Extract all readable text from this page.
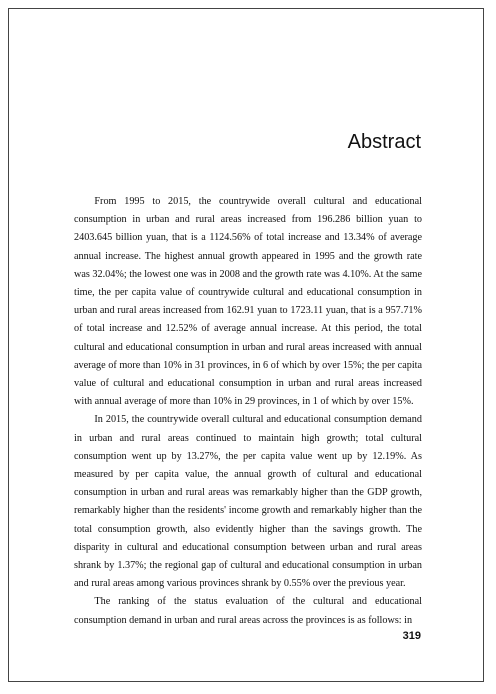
Abstract

From 1995 to 2015, the countrywide overall cultural and educational consumption in urban and rural areas increased from 196.286 billion yuan to 2403.645 billion yuan, that is a 1124.56% of total increase and 13.34% of average annual increase. The highest annual growth appeared in 1995 and the growth rate was 32.04%; the lowest one was in 2008 and the growth rate was 4.10%. At the same time, the per capita value of countrywide cultural and educational consumption in urban and rural areas increased from 162.91 yuan to 1723.11 yuan, that is a 957.71% of total increase and 12.52% of average annual increase. At this period, the total cultural and educational consumption in urban and rural areas increased with annual average of more than 10% in 31 provinces, in 6 of which by over 15%; the per capita value of cultural and educational consumption in urban and rural areas increased with annual average of more than 10% in 29 provinces, in 1 of which by over 15%.

In 2015, the countrywide overall cultural and educational consumption demand in urban and rural areas continued to maintain high growth; total cultural consumption went up by 13.27%, the per capita value went up by 12.19%. As measured by per capita value, the annual growth of cultural and educational consumption in urban and rural areas was remarkably higher than the GDP growth, remarkably higher than the residents' income growth and remarkably higher than the total consumption growth, also evidently higher than the savings growth. The disparity in cultural and educational consumption between urban and rural areas shrank by 1.37%; the regional gap of cultural and educational consumption in urban and rural areas among various provinces shrank by 0.55% over the previous year.

The ranking of the status evaluation of the cultural and educational consumption demand in urban and rural areas across the provinces is as follows: in

319
